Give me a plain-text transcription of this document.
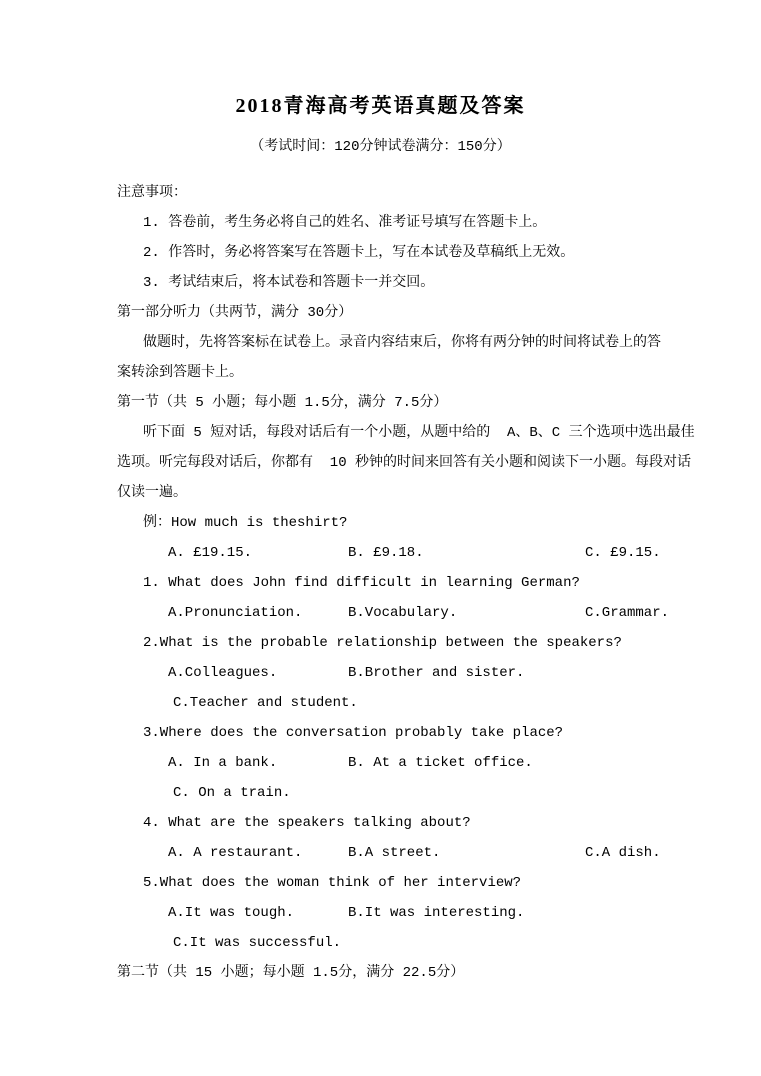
2018青海高考英语真题及答案
（考试时间：120分钟试卷满分：150分）
注意事项：
1. 答卷前，考生务必将自己的姓名、准考证号填写在答题卡上。
2. 作答时，务必将答案写在答题卡上，写在本试卷及草稿纸上无效。
3. 考试结束后，将本试卷和答题卡一并交回。
第一部分听力（共两节，满分 30分）
做题时，先将答案标在试卷上。录音内容结束后，你将有两分钟的时间将试卷上的答
案转涂到答题卡上。
第一节（共 5 小题；每小题 1.5分，满分 7.5分）
听下面 5 短对话，每段对话后有一个小题，从题中给的  A、B、C 三个选项中选出最佳
选项。听完每段对话后，你都有  10 秒钟的时间来回答有关小题和阅读下一小题。每段对话
仅读一遍。
例：How much is theshirt?
A. £19.15.	B. £9.18.	C. £9.15.
1. What does John find difficult in learning German?
A.Pronunciation.	B.Vocabulary.	C.Grammar.
2.What is the probable relationship between the speakers?
A.Colleagues.	B.Brother and sister.
C.Teacher and student.
3.Where does the conversation probably take place?
A. In a bank.	B. At a ticket office.
C. On a train.
4. What are the speakers talking about?
A. A restaurant.	B.A street.	C.A dish.
5.What does the woman think of her interview?
A.It was tough.	B.It was interesting.
C.It was successful.
第二节（共 15 小题；每小题 1.5分，满分 22.5分）
